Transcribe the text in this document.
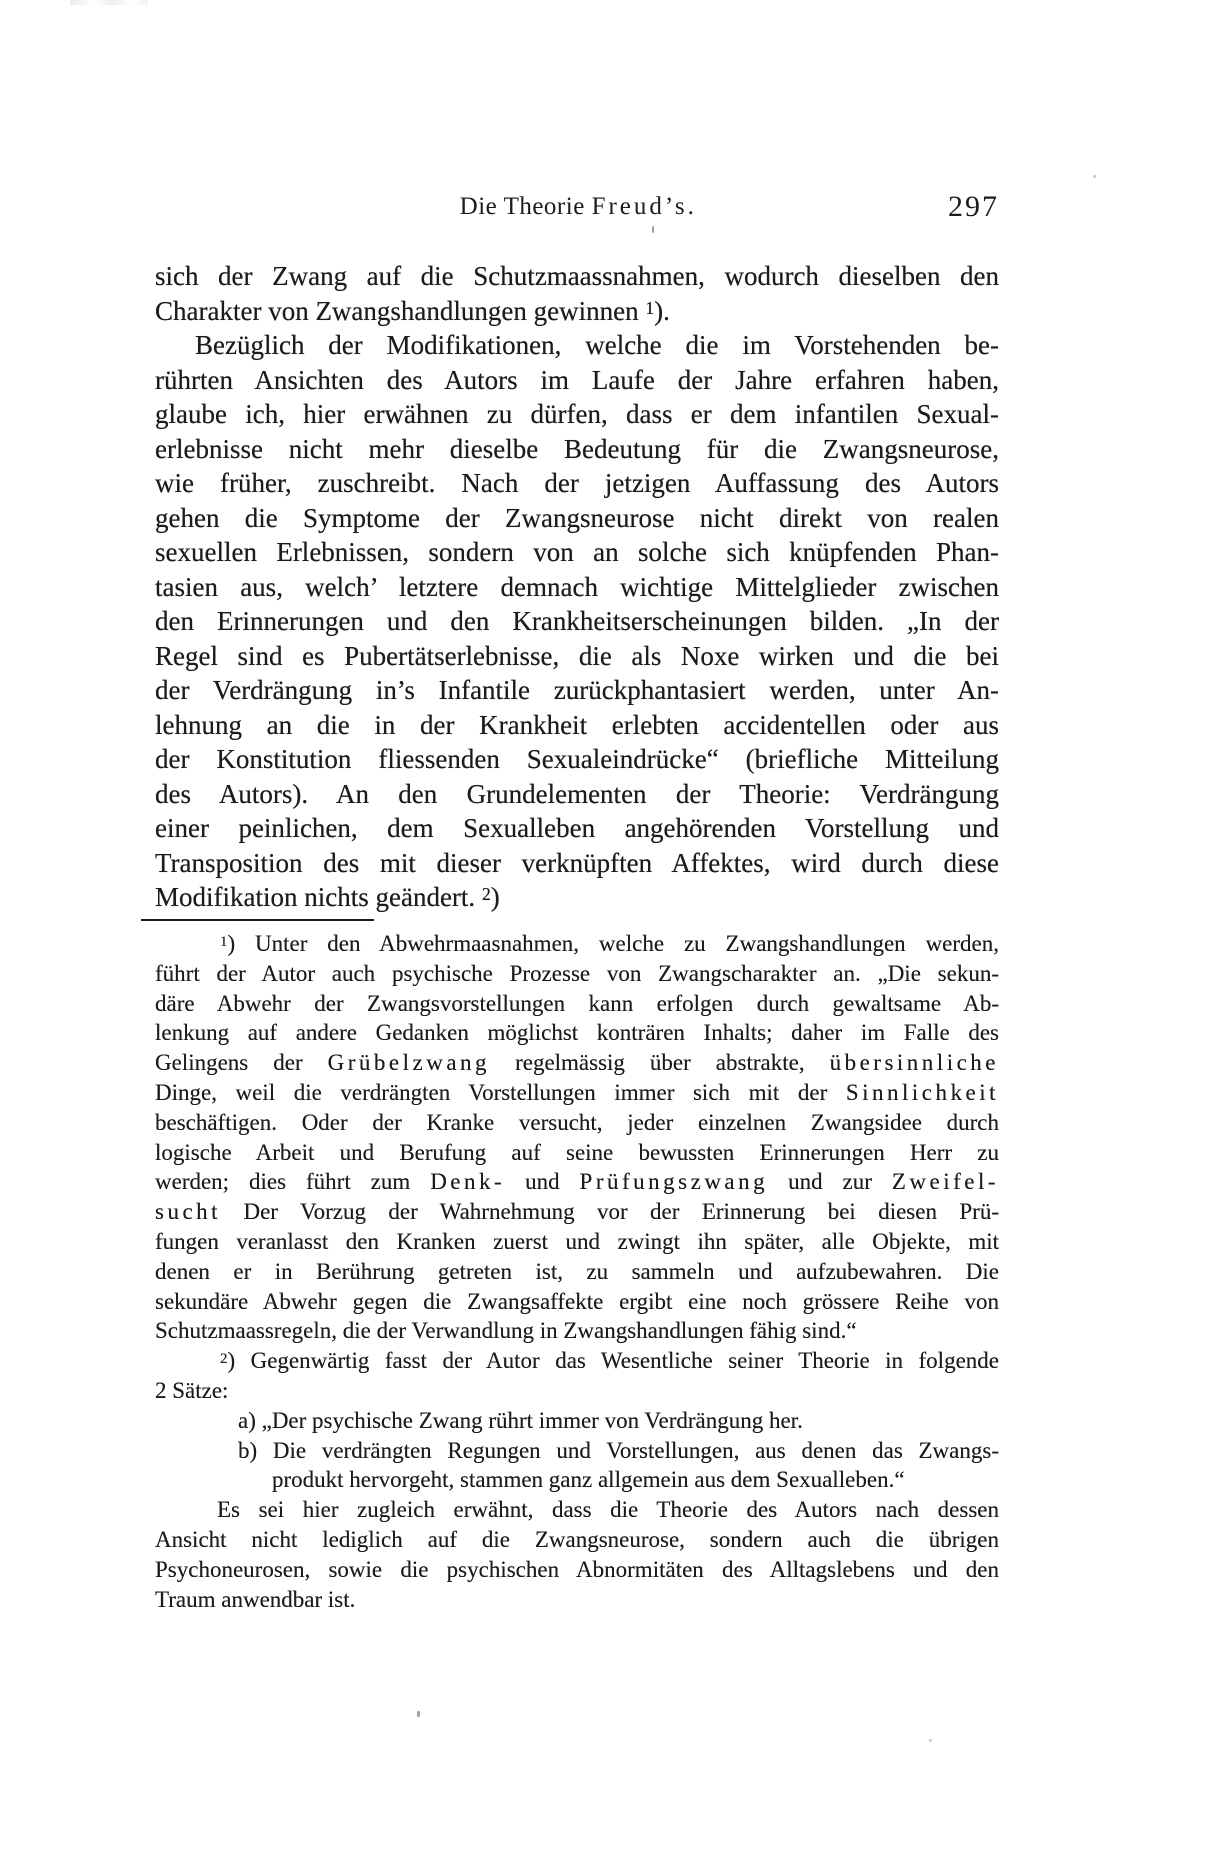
Die Theorie Freud’s.	297
sich der Zwang auf die Schutzmaassnahmen, wodurch dieselben den
Charakter von Zwangshandlungen gewinnen $^1$).
Bezüglich der Modifikationen, welche die im Vorstehenden be-
rührten Ansichten des Autors im Laufe der Jahre erfahren haben,
glaube ich, hier erwähnen zu dürfen, dass er dem infantilen Sexual-
erlebnisse nicht mehr dieselbe Bedeutung für die Zwangsneurose,
wie früher, zuschreibt. Nach der jetzigen Auffassung des Autors
gehen die Symptome der Zwangsneurose nicht direkt von realen
sexuellen Erlebnissen, sondern von an solche sich knüpfenden Phan-
tasien aus, welch’ letztere demnach wichtige Mittelglieder zwischen
den Erinnerungen und den Krankheitserscheinungen bilden. „In der
Regel sind es Pubertätserlebnisse, die als Noxe wirken und die bei
der Verdrängung in’s Infantile zurückphantasiert werden, unter An-
lehnung an die in der Krankheit erlebten accidentellen oder aus
der Konstitution fliessenden Sexualeindrücke“ (briefliche Mitteilung
des Autors). An den Grundelementen der Theorie: Verdrängung
einer peinlichen, dem Sexualleben angehörenden Vorstellung und
Transposition des mit dieser verknüpften Affektes, wird durch diese
Modifikation nichts geändert. $^2$)
$^1$) Unter den Abwehrmaasnahmen, welche zu Zwangshandlungen werden,
führt der Autor auch psychische Prozesse von Zwangscharakter an. „Die sekun-
däre Abwehr der Zwangsvorstellungen kann erfolgen durch gewaltsame Ab-
lenkung auf andere Gedanken möglichst konträren Inhalts; daher im Falle des
Gelingens der Grübelzwang regelmässig über abstrakte, übersinnliche
Dinge, weil die verdrängten Vorstellungen immer sich mit der Sinnlichkeit
beschäftigen. Oder der Kranke versucht, jeder einzelnen Zwangsidee durch
logische Arbeit und Berufung auf seine bewussten Erinnerungen Herr zu
werden; dies führt zum Denk- und Prüfungszwang und zur Zweifel-
sucht Der Vorzug der Wahrnehmung vor der Erinnerung bei diesen Prü-
fungen veranlasst den Kranken zuerst und zwingt ihn später, alle Objekte, mit
denen er in Berührung getreten ist, zu sammeln und aufzubewahren. Die
sekundäre Abwehr gegen die Zwangsaffekte ergibt eine noch grössere Reihe von
Schutzmaassregeln, die der Verwandlung in Zwangshandlungen fähig sind.“
$^2$) Gegenwärtig fasst der Autor das Wesentliche seiner Theorie in folgende
2 Sätze:
a) „Der psychische Zwang rührt immer von Verdrängung her.
b) Die verdrängten Regungen und Vorstellungen, aus denen das Zwangs-
produkt hervorgeht, stammen ganz allgemein aus dem Sexualleben.“
Es sei hier zugleich erwähnt, dass die Theorie des Autors nach dessen
Ansicht nicht lediglich auf die Zwangsneurose, sondern auch die übrigen
Psychoneurosen, sowie die psychischen Abnormitäten des Alltagslebens und den
Traum anwendbar ist.
